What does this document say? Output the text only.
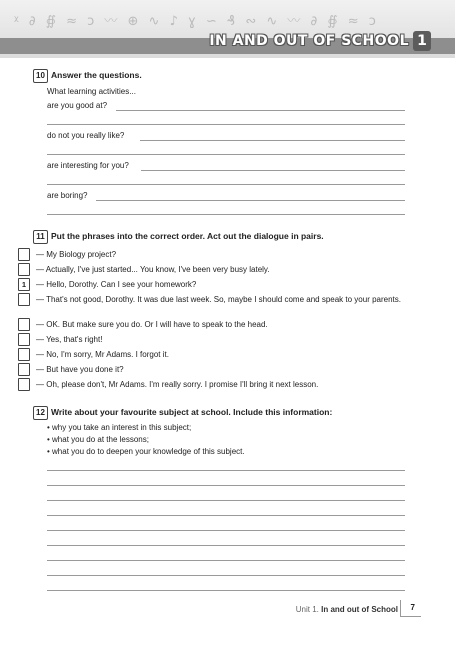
ᵡ ∂ ∯ ≈ ɔ 〰 ⊕ ∿ ♪ ɣ ∽ ₰ ∾ ∿ 〰 ∂ ∯ ≈ ɔ
IN AND OUT OF SCHOOL 1
10 Answer the questions.
What learning activities...
are you good at?
do not you really like?
are interesting for you?
are boring?
11 Put the phrases into the correct order. Act out the dialogue in pairs.
— My Biology project?
— Actually, I've just started... You know, I've been very busy lately.
1	— Hello, Dorothy. Can I see your homework?
— That's not good, Dorothy. It was due last week. So, maybe I should come and speak to your parents.
— OK. But make sure you do. Or I will have to speak to the head.
— Yes, that's right!
— No, I'm sorry, Mr Adams. I forgot it.
— But have you done it?
— Oh, please don't, Mr Adams. I'm really sorry. I promise I'll bring it next lesson.
12 Write about your favourite subject at school. Include this information:
• why you take an interest in this subject;
• what you do at the lessons;
• what you do to deepen your knowledge of this subject.
Unit 1. In and out of School 7
